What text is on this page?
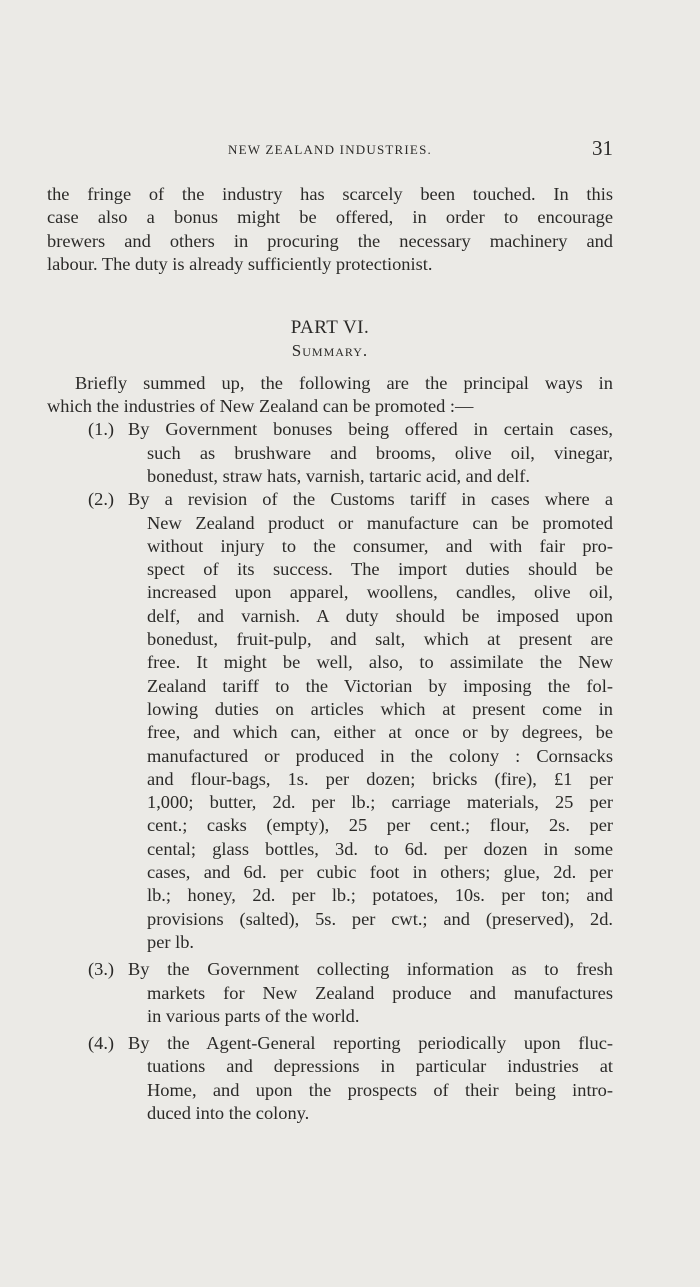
NEW ZEALAND INDUSTRIES.	31
the fringe of the industry has scarcely been touched. In this
case also a bonus might be offered, in order to encourage
brewers and others in procuring the necessary machinery and
labour. The duty is already sufficiently protectionist.
PART VI.
Summary.
Briefly summed up, the following are the principal ways in
which the industries of New Zealand can be promoted :—
(1.) By Government bonuses being offered in certain cases,
such as brushware and brooms, olive oil, vinegar,
bonedust, straw hats, varnish, tartaric acid, and delf.
(2.) By a revision of the Customs tariff in cases where a
New Zealand product or manufacture can be promoted
without injury to the consumer, and with fair pro-
spect of its success. The import duties should be
increased upon apparel, woollens, candles, olive oil,
delf, and varnish. A duty should be imposed upon
bonedust, fruit-pulp, and salt, which at present are
free. It might be well, also, to assimilate the New
Zealand tariff to the Victorian by imposing the fol-
lowing duties on articles which at present come in
free, and which can, either at once or by degrees, be
manufactured or produced in the colony : Cornsacks
and flour-bags, 1s. per dozen; bricks (fire), £1 per
1,000; butter, 2d. per lb.; carriage materials, 25 per
cent.; casks (empty), 25 per cent.; flour, 2s. per
cental; glass bottles, 3d. to 6d. per dozen in some
cases, and 6d. per cubic foot in others; glue, 2d. per
lb.; honey, 2d. per lb.; potatoes, 10s. per ton; and
provisions (salted), 5s. per cwt.; and (preserved), 2d.
per lb.
(3.) By the Government collecting information as to fresh
markets for New Zealand produce and manufactures
in various parts of the world.
(4.) By the Agent-General reporting periodically upon fluc-
tuations and depressions in particular industries at
Home, and upon the prospects of their being intro-
duced into the colony.
